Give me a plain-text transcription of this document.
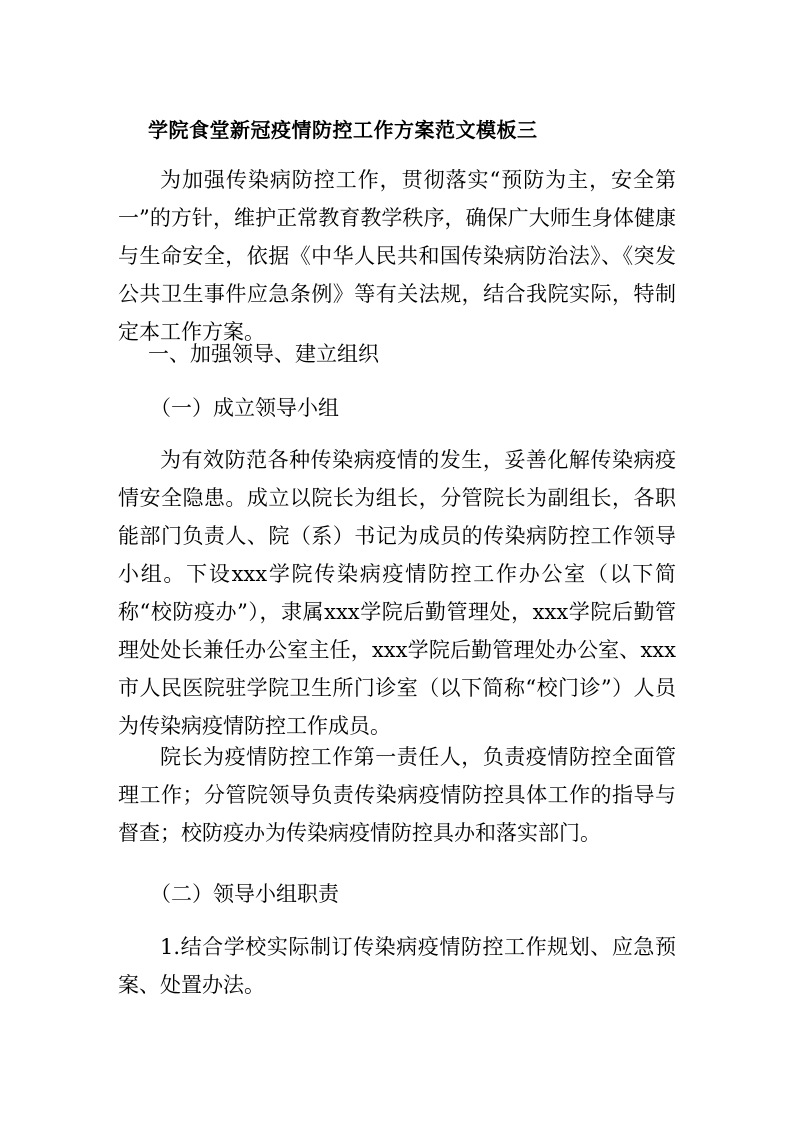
学院食堂新冠疫情防控工作方案范文模板三
为加强传染病防控工作，贯彻落实“预防为主，安全第一”的方针，维护正常教育教学秩序，确保广大师生身体健康与生命安全，依据《中华人民共和国传染病防治法》、《突发公共卫生事件应急条例》等有关法规，结合我院实际，特制定本工作方案。
一、加强领导、建立组织
（一）成立领导小组
为有效防范各种传染病疫情的发生，妥善化解传染病疫情安全隐患。成立以院长为组长，分管院长为副组长，各职能部门负责人、院（系）书记为成员的传染病防控工作领导小组。下设xxx学院传染病疫情防控工作办公室（以下简称“校防疫办”），隶属xxx学院后勤管理处，xxx学院后勤管理处处长兼任办公室主任，xxx学院后勤管理处办公室、xxx市人民医院驻学院卫生所门诊室（以下简称“校门诊”）人员为传染病疫情防控工作成员。
院长为疫情防控工作第一责任人，负责疫情防控全面管理工作；分管院领导负责传染病疫情防控具体工作的指导与督查；校防疫办为传染病疫情防控具办和落实部门。
（二）领导小组职责
1.结合学校实际制订传染病疫情防控工作规划、应急预案、处置办法。
